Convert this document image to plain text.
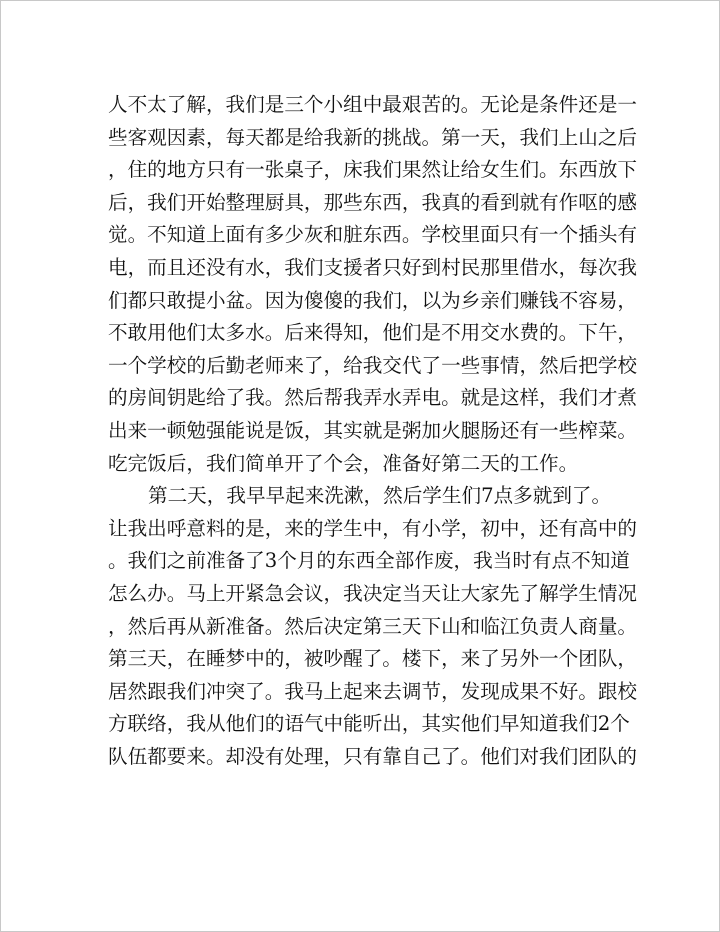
人不太了解，我们是三个小组中最艰苦的。无论是条件还是一
些客观因素，每天都是给我新的挑战。第一天，我们上山之后
，住的地方只有一张桌子，床我们果然让给女生们。东西放下
后，我们开始整理厨具，那些东西，我真的看到就有作呕的感
觉。不知道上面有多少灰和脏东西。学校里面只有一个插头有
电，而且还没有水，我们支援者只好到村民那里借水，每次我
们都只敢提小盆。因为傻傻的我们，以为乡亲们赚钱不容易，
不敢用他们太多水。后来得知，他们是不用交水费的。下午，
一个学校的后勤老师来了，给我交代了一些事情，然后把学校
的房间钥匙给了我。然后帮我弄水弄电。就是这样，我们才煮
出来一顿勉强能说是饭，其实就是粥加火腿肠还有一些榨菜。
吃完饭后，我们简单开了个会，准备好第二天的工作。
第二天，我早早起来洗漱，然后学生们7点多就到了。
让我出呼意料的是，来的学生中，有小学，初中，还有高中的
。我们之前准备了3个月的东西全部作废，我当时有点不知道
怎么办。马上开紧急会议，我决定当天让大家先了解学生情况
，然后再从新准备。然后决定第三天下山和临江负责人商量。
第三天，在睡梦中的，被吵醒了。楼下，来了另外一个团队，
居然跟我们冲突了。我马上起来去调节，发现成果不好。跟校
方联络，我从他们的语气中能听出，其实他们早知道我们2个
队伍都要来。却没有处理，只有靠自己了。他们对我们团队的
